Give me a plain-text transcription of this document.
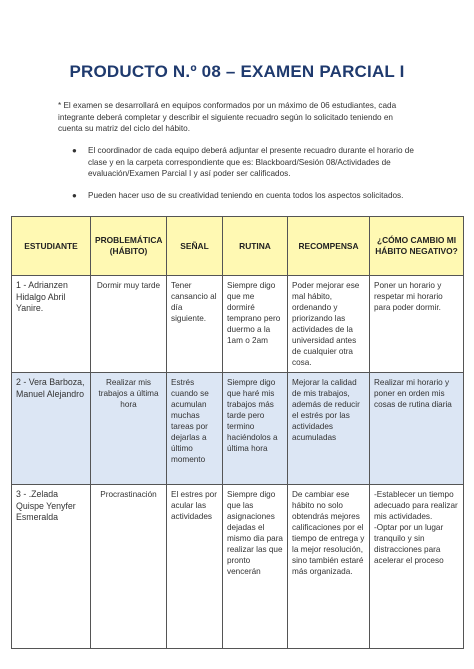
PRODUCTO N.º 08 – EXAMEN PARCIAL I
* El examen se desarrollará en equipos conformados por un máximo de 06 estudiantes, cada integrante deberá completar y describir el siguiente recuadro según lo solicitado teniendo en cuenta su matriz del ciclo del hábito.
● El coordinador de cada equipo deberá adjuntar el presente recuadro durante el horario de clase y en la carpeta correspondiente que es: Blackboard/Sesión 08/Actividades de evaluación/Examen Parcial I y así poder ser calificados.
● Pueden hacer uso de su creatividad teniendo en cuenta todos los aspectos solicitados.
ESTUDIANTE	PROBLEMÁTICA (HÁBITO)	SEÑAL	RUTINA	RECOMPENSA	¿CÓMO CAMBIO MI HÁBITO NEGATIVO?
1 - Adrianzen Hidalgo Abril Yanire.	Dormir muy tarde	Tener cansancio al día siguiente.	Siempre digo que me dormiré temprano pero duermo a la 1am o 2am	Poder mejorar ese mal hábito, ordenando y priorizando las actividades de la universidad antes de cualquier otra cosa.	Poner un horario y respetar mi horario para poder dormir.
2 - Vera Barboza, Manuel Alejandro	Realizar mis trabajos a última hora	Estrés cuando se acumulan muchas tareas por dejarlas a último momento	Siempre digo que haré mis trabajos más tarde pero termino haciéndolos a última hora	Mejorar la calidad de mis trabajos, además de reducir el estrés por las actividades acumuladas	Realizar mi horario y poner en orden mis cosas de rutina diaria
3 - .Zelada Quispe Yenyfer Esmeralda	Procrastinación	El estres por acular las actividades	Siempre digo que las asignaciones dejadas el mismo dia para realizar las que pronto vencerán	De cambiar ese hábito no solo obtendrás mejores calificaciones por el tiempo de entrega y la mejor resolución, sino también estaré más organizada.	-Establecer un tiempo adecuado para realizar mis actividades.
-Optar por un lugar tranquilo y sin distracciones para acelerar el proceso
